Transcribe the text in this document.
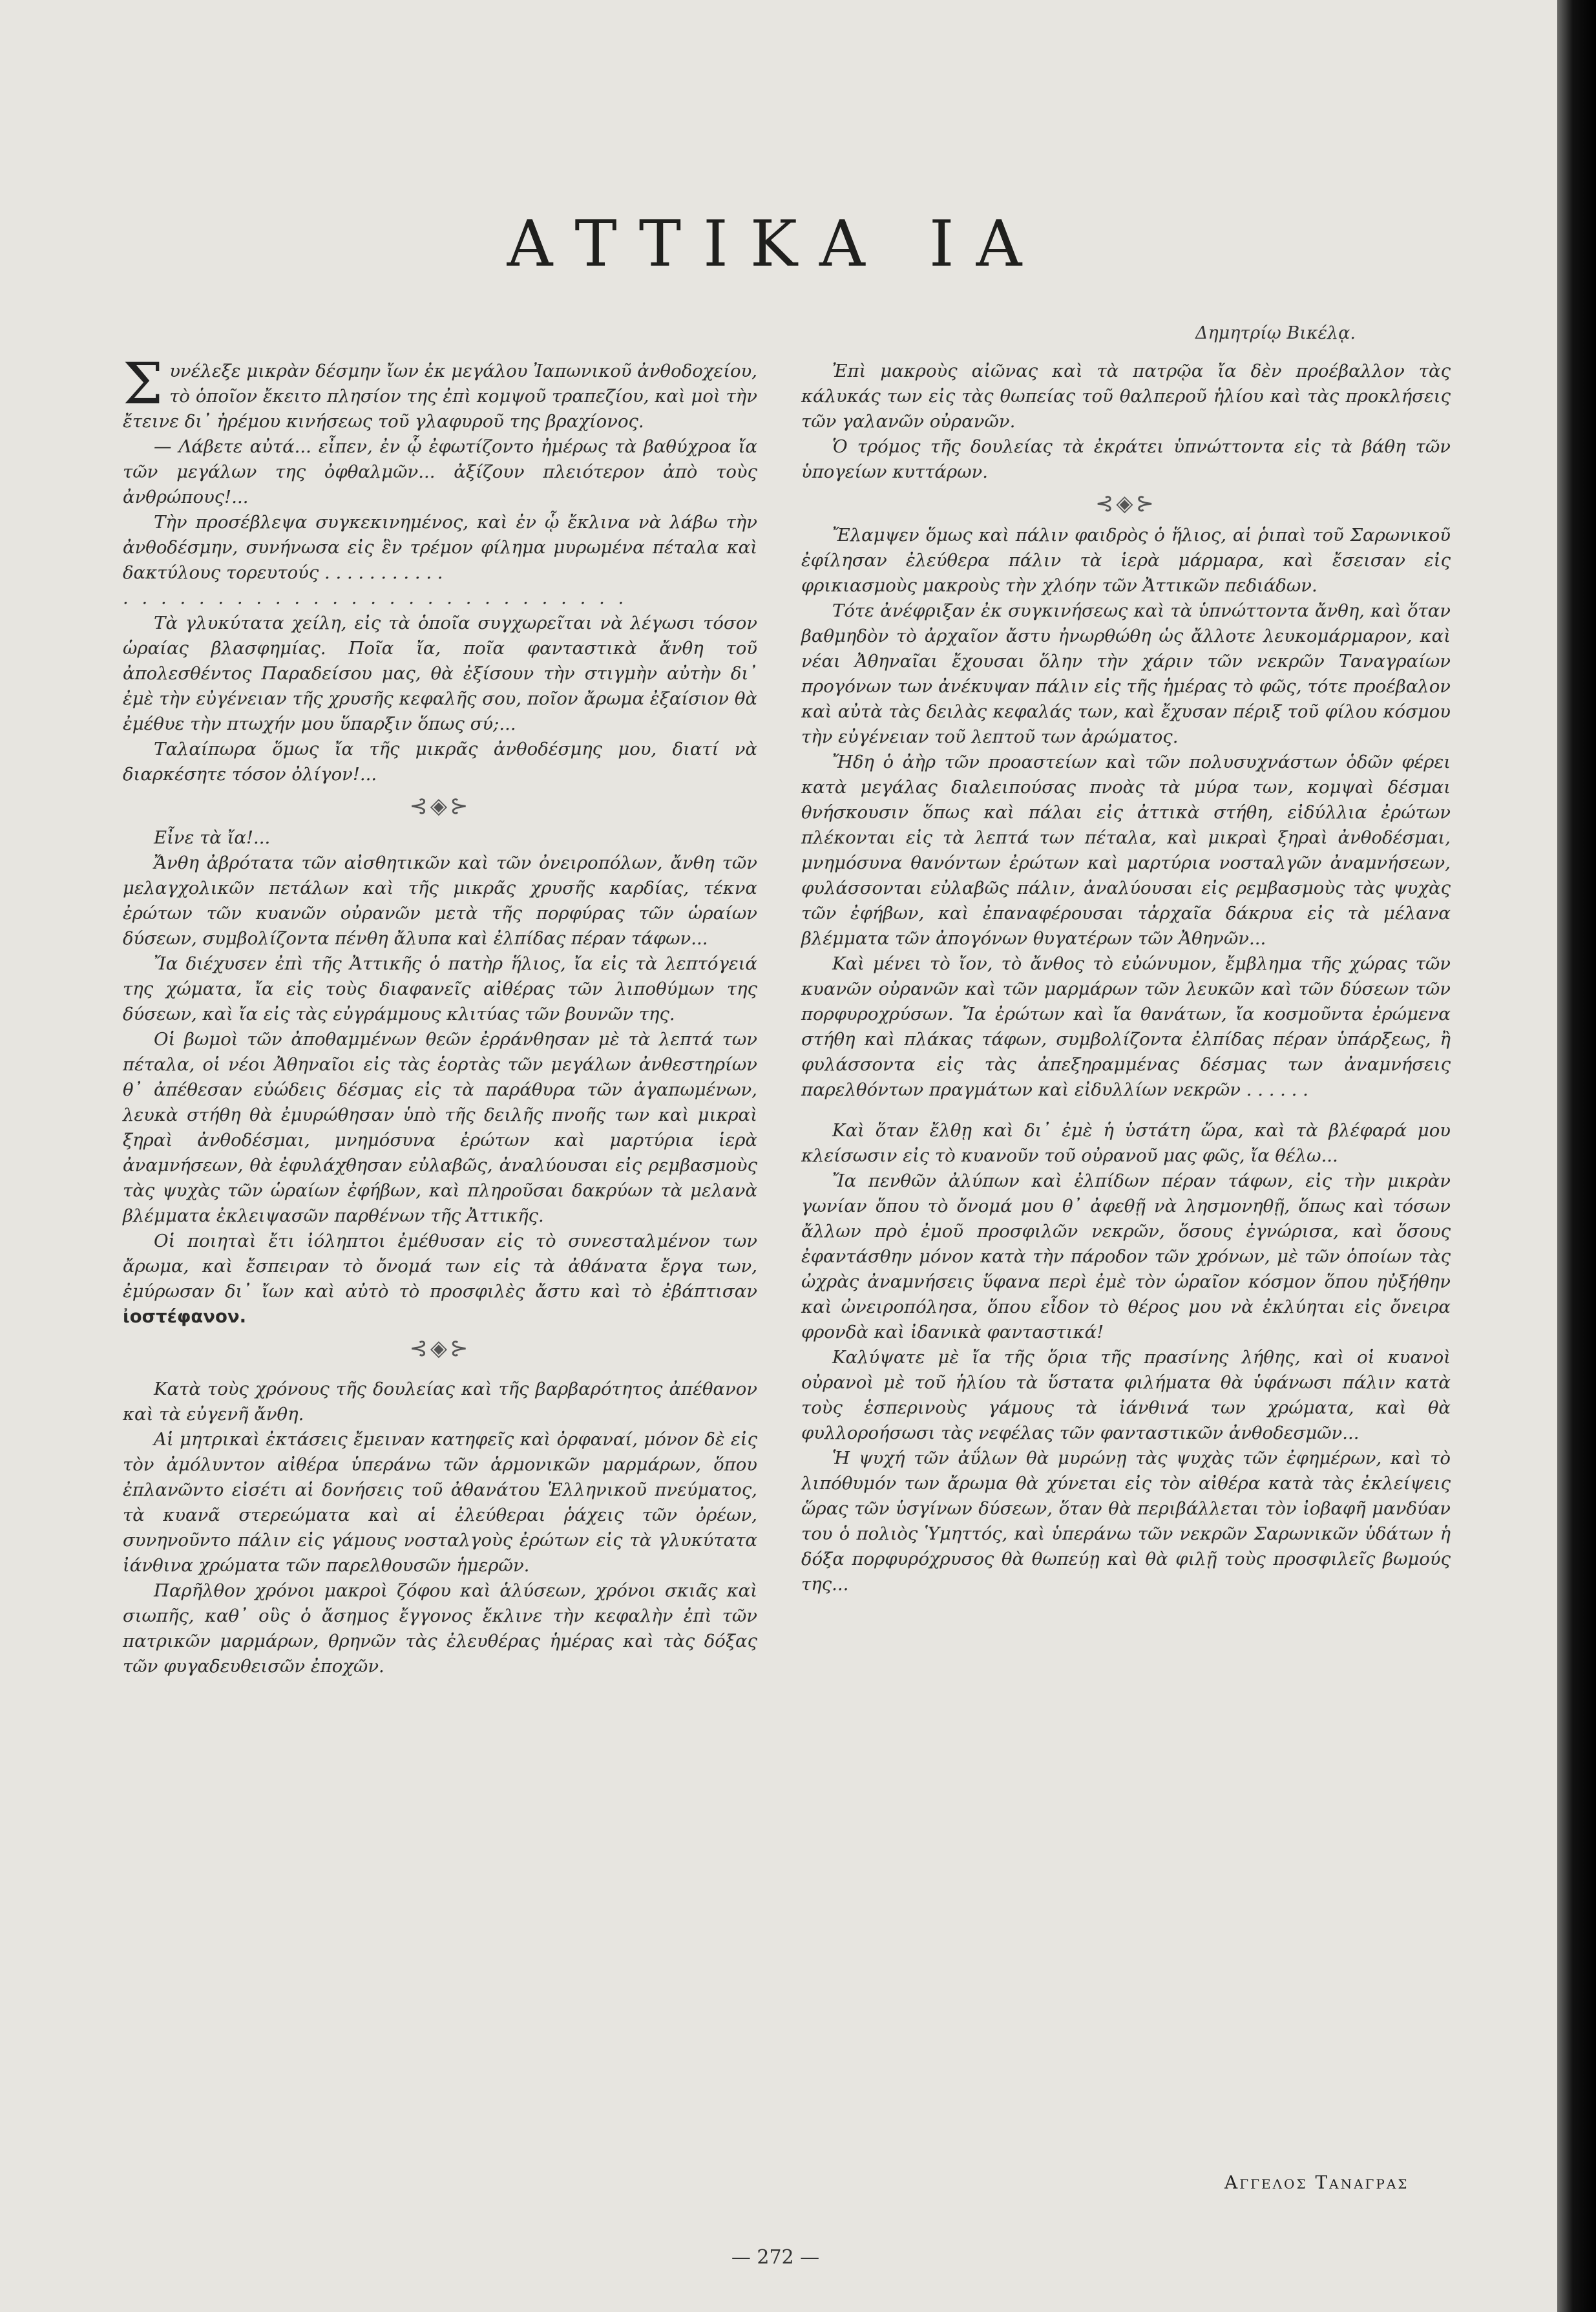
ΑΤΤΙΚΑ ΙΑ
Δημητρίῳ Βικέλᾳ.

Συνέλεξε μικρὰν δέσμην ἴων ἐκ μεγάλου Ἰαπωνικοῦ ἀνθοδοχείου, τὸ ὁποῖον ἔκειτο πλησίον της ἐπὶ κομψοῦ τραπεζίου, καὶ μοὶ τὴν ἔτεινε δι᾽ ἠρέμου κινήσεως τοῦ γλαφυροῦ της βραχίονος.

— Λάβετε αὐτά... εἶπεν, ἐν ᾧ ἐφωτίζοντο ἠμέρως τὰ βαθύχροα ἴα τῶν μεγάλων της ὀφθαλμῶν... ἀξίζουν πλειότερον ἀπὸ τοὺς ἀνθρώπους!...

Τὴν προσέβλεψα συγκεκινημένος, καὶ ἐν ᾧ ἔκλινα νὰ λάβω τὴν ἀνθοδέσμην, συνήνωσα εἰς ἓν τρέμον φίλημα μυρωμένα πέταλα καὶ δακτύλους τορευτούς . . . . . . . . . . .

. . . . . . . . . . . . . . . . . . . . . . . . . . .

Τὰ γλυκύτατα χείλη, εἰς τὰ ὁποῖα συγχωρεῖται νὰ λέγωσι τόσον ὡραίας βλασφημίας. Ποῖα ἴα, ποῖα φανταστικὰ ἄνθη τοῦ ἀπολεσθέντος Παραδείσου μας, θὰ ἐξίσουν τὴν στιγμὴν αὐτὴν δι᾽ ἐμὲ τὴν εὐγένειαν τῆς χρυσῆς κεφαλῆς σου, ποῖον ἄρωμα ἐξαίσιον θὰ ἐμέθυε τὴν πτωχήν μου ὕπαρξιν ὅπως σύ;...

Ταλαίπωρα ὅμως ἴα τῆς μικρᾶς ἀνθοδέσμης μου, διατί νὰ διαρκέσητε τόσον ὀλίγον!...

⊰◈⊱

Εἶνε τὰ ἴα!...

Ἄνθη ἀβρότατα τῶν αἰσθητικῶν καὶ τῶν ὀνειροπόλων, ἄνθη τῶν μελαγχολικῶν πετάλων καὶ τῆς μικρᾶς χρυσῆς καρδίας, τέκνα ἐρώτων τῶν κυανῶν οὐρανῶν μετὰ τῆς πορφύρας τῶν ὡραίων δύσεων, συμβολίζοντα πένθη ἄλυπα καὶ ἐλπίδας πέραν τάφων...

Ἴα διέχυσεν ἐπὶ τῆς Ἀττικῆς ὁ πατὴρ ἥλιος, ἴα εἰς τὰ λεπτόγειά της χώματα, ἴα εἰς τοὺς διαφανεῖς αἰθέρας τῶν λιποθύμων της δύσεων, καὶ ἴα εἰς τὰς εὐγράμμους κλιτύας τῶν βουνῶν της.

Οἱ βωμοὶ τῶν ἀποθαμμένων θεῶν ἐρράνθησαν μὲ τὰ λεπτά των πέταλα, οἱ νέοι Ἀθηναῖοι εἰς τὰς ἑορτὰς τῶν μεγάλων ἀνθεστηρίων θ᾽ ἀπέθεσαν εὐώδεις δέσμας εἰς τὰ παράθυρα τῶν ἀγαπωμένων, λευκὰ στήθη θὰ ἐμυρώθησαν ὑπὸ τῆς δειλῆς πνοῆς των καὶ μικραὶ ξηραὶ ἀνθοδέσμαι, μνημόσυνα ἐρώτων καὶ μαρτύρια ἱερὰ ἀναμνήσεων, θὰ ἐφυλάχθησαν εὐλαβῶς, ἀναλύουσαι εἰς ρεμβασμοὺς τὰς ψυχὰς τῶν ὡραίων ἐφήβων, καὶ πληροῦσαι δακρύων τὰ μελανὰ βλέμματα ἐκλειψασῶν παρθένων τῆς Ἀττικῆς.

Οἱ ποιηταὶ ἔτι ἰόληπτοι ἐμέθυσαν εἰς τὸ συνεσταλμένον των ἄρωμα, καὶ ἔσπειραν τὸ ὄνομά των εἰς τὰ ἀθάνατα ἔργα των, ἐμύρωσαν δι᾽ ἴων καὶ αὐτὸ τὸ προσφιλὲς ἄστυ καὶ τὸ ἐβάπτισαν ἰοστέφανον.

⊰◈⊱

Κατὰ τοὺς χρόνους τῆς δουλείας καὶ τῆς βαρβαρότητος ἀπέθανον καὶ τὰ εὐγενῆ ἄνθη.

Αἱ μητρικαὶ ἐκτάσεις ἔμειναν κατηφεῖς καὶ ὀρφαναί, μόνον δὲ εἰς τὸν ἀμόλυντον αἰθέρα ὑπεράνω τῶν ἁρμονικῶν μαρμάρων, ὅπου ἐπλανῶντο εἰσέτι αἱ δονήσεις τοῦ ἀθανάτου Ἑλληνικοῦ πνεύματος, τὰ κυανᾶ στερεώματα καὶ αἱ ἐλεύθεραι ῥάχεις τῶν ὀρέων, συνηνοῦντο πάλιν εἰς γάμους νοσταλγοὺς ἐρώτων εἰς τὰ γλυκύτατα ἰάνθινα χρώματα τῶν παρελθουσῶν ἡμερῶν.

Παρῆλθον χρόνοι μακροὶ ζόφου καὶ ἁλύσεων, χρόνοι σκιᾶς καὶ σιωπῆς, καθ᾽ οὓς ὁ ἄσημος ἔγγονος ἔκλινε τὴν κεφαλὴν ἐπὶ τῶν πατρικῶν μαρμάρων, θρηνῶν τὰς ἐλευθέρας ἡμέρας καὶ τὰς δόξας τῶν φυγαδευθεισῶν ἐποχῶν.

Ἐπὶ μακροὺς αἰῶνας καὶ τὰ πατρῷα ἴα δὲν προέβαλλον τὰς κάλυκάς των εἰς τὰς θωπείας τοῦ θαλπεροῦ ἡλίου καὶ τὰς προκλήσεις τῶν γαλανῶν οὐρανῶν.

Ὁ τρόμος τῆς δουλείας τὰ ἐκράτει ὑπνώττοντα εἰς τὰ βάθη τῶν ὑπογείων κυττάρων.

⊰◈⊱

Ἔλαμψεν ὅμως καὶ πάλιν φαιδρὸς ὁ ἥλιος, αἱ ῥιπαὶ τοῦ Σαρωνικοῦ ἐφίλησαν ἐλεύθερα πάλιν τὰ ἱερὰ μάρμαρα, καὶ ἔσεισαν εἰς φρικιασμοὺς μακροὺς τὴν χλόην τῶν Ἀττικῶν πεδιάδων.

Τότε ἀνέφριξαν ἐκ συγκινήσεως καὶ τὰ ὑπνώττοντα ἄνθη, καὶ ὅταν βαθμηδὸν τὸ ἀρχαῖον ἄστυ ἠνωρθώθη ὡς ἄλλοτε λευκομάρμαρον, καὶ νέαι Ἀθηναῖαι ἔχουσαι ὅλην τὴν χάριν τῶν νεκρῶν Ταναγραίων προγόνων των ἀνέκυψαν πάλιν εἰς τῆς ἡμέρας τὸ φῶς, τότε προέβαλον καὶ αὐτὰ τὰς δειλὰς κεφαλάς των, καὶ ἔχυσαν πέριξ τοῦ φίλου κόσμου τὴν εὐγένειαν τοῦ λεπτοῦ των ἀρώματος.

Ἤδη ὁ ἀὴρ τῶν προαστείων καὶ τῶν πολυσυχνάστων ὁδῶν φέρει κατὰ μεγάλας διαλειπούσας πνοὰς τὰ μύρα των, κομψαὶ δέσμαι θνήσκουσιν ὅπως καὶ πάλαι εἰς ἀττικὰ στήθη, εἰδύλλια ἐρώτων πλέκονται εἰς τὰ λεπτά των πέταλα, καὶ μικραὶ ξηραὶ ἀνθοδέσμαι, μνημόσυνα θανόντων ἐρώτων καὶ μαρτύρια νοσταλγῶν ἀναμνήσεων, φυλάσσονται εὐλαβῶς πάλιν, ἀναλύουσαι εἰς ρεμβασμοὺς τὰς ψυχὰς τῶν ἐφήβων, καὶ ἐπαναφέρουσαι τἀρχαῖα δάκρυα εἰς τὰ μέλανα βλέμματα τῶν ἀπογόνων θυγατέρων τῶν Ἀθηνῶν...

Καὶ μένει τὸ ἴον, τὸ ἄνθος τὸ εὐώνυμον, ἔμβλημα τῆς χώρας τῶν κυανῶν οὐρανῶν καὶ τῶν μαρμάρων τῶν λευκῶν καὶ τῶν δύσεων τῶν πορφυροχρύσων. Ἴα ἐρώτων καὶ ἴα θανάτων, ἴα κοσμοῦντα ἐρώμενα στήθη καὶ πλάκας τάφων, συμβολίζοντα ἐλπίδας πέραν ὑπάρξεως, ἢ φυλάσσοντα εἰς τὰς ἀπεξηραμμένας δέσμας των ἀναμνήσεις παρελθόντων πραγμάτων καὶ εἰδυλλίων νεκρῶν . . . . . .

Καὶ ὅταν ἔλθῃ καὶ δι᾽ ἐμὲ ἡ ὑστάτη ὥρα, καὶ τὰ βλέφαρά μου κλείσωσιν εἰς τὸ κυανοῦν τοῦ οὐρανοῦ μας φῶς, ἴα θέλω...

Ἴα πενθῶν ἀλύπων καὶ ἐλπίδων πέραν τάφων, εἰς τὴν μικρὰν γωνίαν ὅπου τὸ ὄνομά μου θ᾽ ἀφεθῇ νὰ λησμονηθῇ, ὅπως καὶ τόσων ἄλλων πρὸ ἐμοῦ προσφιλῶν νεκρῶν, ὅσους ἐγνώρισα, καὶ ὅσους ἐφαντάσθην μόνον κατὰ τὴν πάροδον τῶν χρόνων, μὲ τῶν ὁποίων τὰς ὠχρὰς ἀναμνήσεις ὕφανα περὶ ἐμὲ τὸν ὡραῖον κόσμον ὅπου ηὐξήθην καὶ ὠνειροπόλησα, ὅπου εἶδον τὸ θέρος μου νὰ ἐκλύηται εἰς ὄνειρα φρονδὰ καὶ ἰδανικὰ φανταστικά!

Καλύψατε μὲ ἴα τῆς ὅρια τῆς πρασίνης λήθης, καὶ οἱ κυανοὶ οὐρανοὶ μὲ τοῦ ἡλίου τὰ ὕστατα φιλήματα θὰ ὑφάνωσι πάλιν κατὰ τοὺς ἑσπερινοὺς γάμους τὰ ἰάνθινά των χρώματα, καὶ θὰ φυλλοροήσωσι τὰς νεφέλας τῶν φανταστικῶν ἀνθοδεσμῶν...

Ἡ ψυχή τῶν ἀΰλων θὰ μυρώνῃ τὰς ψυχὰς τῶν ἐφημέρων, καὶ τὸ λιπόθυμόν των ἄρωμα θὰ χύνεται εἰς τὸν αἰθέρα κατὰ τὰς ἐκλείψεις ὥρας τῶν ὑσγίνων δύσεων, ὅταν θὰ περιβάλλεται τὸν ἰοβαφῆ μανδύαν του ὁ πολιὸς Ὑμηττός, καὶ ὑπεράνω τῶν νεκρῶν Σαρωνικῶν ὑδάτων ἡ δόξα πορφυρόχρυσος θὰ θωπεύῃ καὶ θὰ φιλῇ τοὺς προσφιλεῖς βωμούς της...

Αγγελος Ταναγρας
— 272 —
